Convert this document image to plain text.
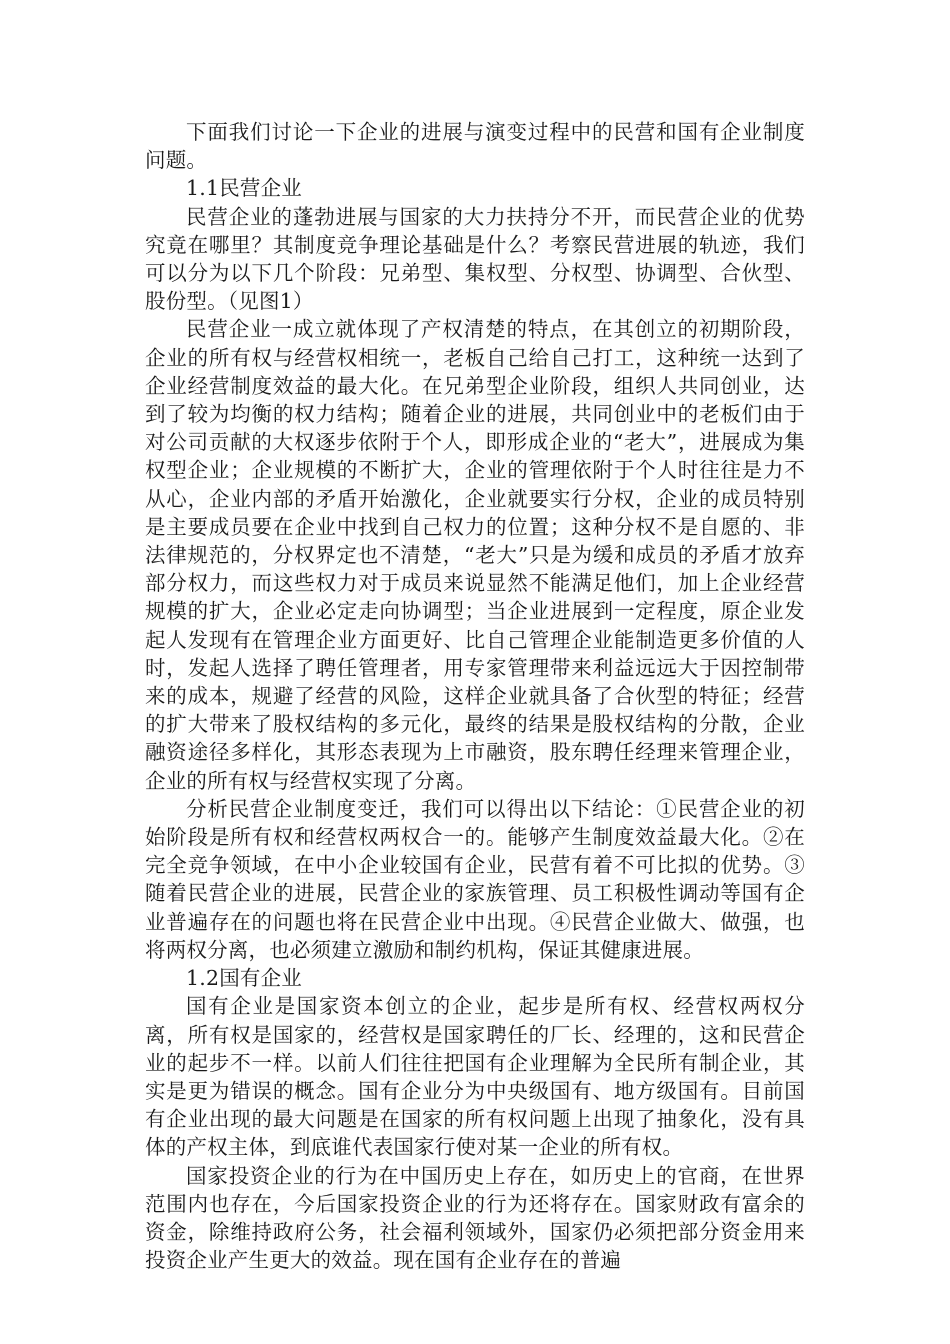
下面我们讨论一下企业的进展与演变过程中的民营和国有企业制度问题。

1.1民营企业

民营企业的蓬勃进展与国家的大力扶持分不开，而民营企业的优势究竟在哪里？其制度竞争理论基础是什么？考察民营进展的轨迹，我们可以分为以下几个阶段：兄弟型、集权型、分权型、协调型、合伙型、股份型。（见图1）

民营企业一成立就体现了产权清楚的特点，在其创立的初期阶段，企业的所有权与经营权相统一，老板自己给自己打工，这种统一达到了企业经营制度效益的最大化。在兄弟型企业阶段，组织人共同创业，达到了较为均衡的权力结构；随着企业的进展，共同创业中的老板们由于对公司贡献的大权逐步依附于个人，即形成企业的“老大”，进展成为集权型企业；企业规模的不断扩大，企业的管理依附于个人时往往是力不从心，企业内部的矛盾开始激化，企业就要实行分权，企业的成员特别是主要成员要在企业中找到自己权力的位置；这种分权不是自愿的、非法律规范的，分权界定也不清楚，“老大”只是为缓和成员的矛盾才放弃部分权力，而这些权力对于成员来说显然不能满足他们，加上企业经营规模的扩大，企业必定走向协调型；当企业进展到一定程度，原企业发起人发现有在管理企业方面更好、比自己管理企业能制造更多价值的人时，发起人选择了聘任管理者，用专家管理带来利益远远大于因控制带来的成本，规避了经营的风险，这样企业就具备了合伙型的特征；经营的扩大带来了股权结构的多元化，最终的结果是股权结构的分散，企业融资途径多样化，其形态表现为上市融资，股东聘任经理来管理企业，企业的所有权与经营权实现了分离。

分析民营企业制度变迁，我们可以得出以下结论：①民营企业的初始阶段是所有权和经营权两权合一的。能够产生制度效益最大化。②在完全竞争领域，在中小企业较国有企业，民营有着不可比拟的优势。③随着民营企业的进展，民营企业的家族管理、员工积极性调动等国有企业普遍存在的问题也将在民营企业中出现。④民营企业做大、做强，也将两权分离，也必须建立激励和制约机构，保证其健康进展。

1.2国有企业

国有企业是国家资本创立的企业，起步是所有权、经营权两权分离，所有权是国家的，经营权是国家聘任的厂长、经理的，这和民营企业的起步不一样。以前人们往往把国有企业理解为全民所有制企业，其实是更为错误的概念。国有企业分为中央级国有、地方级国有。目前国有企业出现的最大问题是在国家的所有权问题上出现了抽象化，没有具体的产权主体，到底谁代表国家行使对某一企业的所有权。

国家投资企业的行为在中国历史上存在，如历史上的官商，在世界范围内也存在，今后国家投资企业的行为还将存在。国家财政有富余的资金，除维持政府公务，社会福利领域外，国家仍必须把部分资金用来投资企业产生更大的效益。现在国有企业存在的普遍
